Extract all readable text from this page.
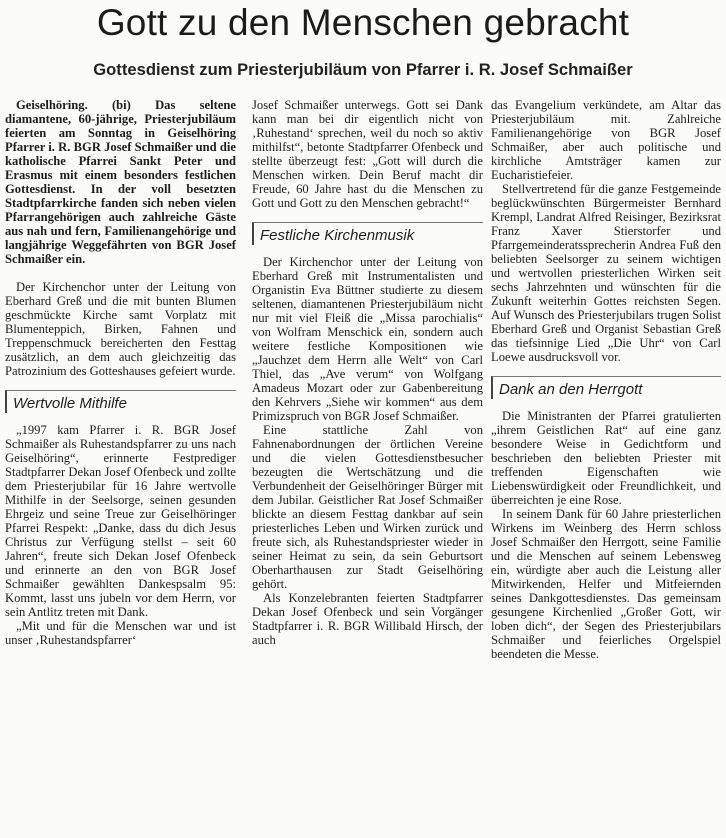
Gott zu den Menschen gebracht
Gottesdienst zum Priesterjubiläum von Pfarrer i. R. Josef Schmaißer

Geiselhöring. (bi) Das seltene diamantene, 60-jährige, Priesterjubiläum feierten am Sonntag in Geiselhöring Pfarrer i. R. BGR Josef Schmaißer und die katholische Pfarrei Sankt Peter und Erasmus mit einem besonders festlichen Gottesdienst. In der voll besetzten Stadtpfarrkirche fanden sich neben vielen Pfarrangehörigen auch zahlreiche Gäste aus nah und fern, Familienangehörige und langjährige Weggefährten von BGR Josef Schmaißer ein.

Der Kirchenchor unter der Leitung von Eberhard Greß und die mit bunten Blumen geschmückte Kirche samt Vorplatz mit Blumenteppich, Birken, Fahnen und Treppenschmuck bereicherten den Festtag zusätzlich, an dem auch gleichzeitig das Patrozinium des Gotteshauses gefeiert wurde.

Wertvolle Mithilfe

„1997 kam Pfarrer i. R. BGR Josef Schmaißer als Ruhestandspfarrer zu uns nach Geiselhöring“, erinnerte Festprediger Stadtpfarrer Dekan Josef Ofenbeck und zollte dem Priesterjubilar für 16 Jahre wertvolle Mithilfe in der Seelsorge, seinen gesunden Ehrgeiz und seine Treue zur Geiselhöringer Pfarrei Respekt: „Danke, dass du dich Jesus Christus zur Verfügung stellst – seit 60 Jahren“, freute sich Dekan Josef Ofenbeck und erinnerte an den von BGR Josef Schmaißer gewählten Dankespsalm 95: Kommt, lasst uns jubeln vor dem Herrn, vor sein Antlitz treten mit Dank.

„Mit und für die Menschen war und ist unser ‚Ruhestandspfarrer‘

Josef Schmaißer unterwegs. Gott sei Dank kann man bei dir eigentlich nicht von ‚Ruhestand‘ sprechen, weil du noch so aktiv mithilfst“, betonte Stadtpfarrer Ofenbeck und stellte überzeugt fest: „Gott will durch die Menschen wirken. Dein Beruf macht dir Freude, 60 Jahre hast du die Menschen zu Gott und Gott zu den Menschen gebracht!“

Festliche Kirchenmusik

Der Kirchenchor unter der Leitung von Eberhard Greß mit Instrumentalisten und Organistin Eva Büttner studierte zu diesem seltenen, diamantenen Priesterjubiläum nicht nur mit viel Fleiß die „Missa parochialis“ von Wolfram Menschick ein, sondern auch weitere festliche Kompositionen wie „Jauchzet dem Herrn alle Welt“ von Carl Thiel, das „Ave verum“ von Wolfgang Amadeus Mozart oder zur Gabenbereitung den Kehrvers „Siehe wir kommen“ aus dem Primizspruch von BGR Josef Schmaißer.

Eine stattliche Zahl von Fahnenabordnungen der örtlichen Vereine und die vielen Gottesdienstbesucher bezeugten die Wertschätzung und die Verbundenheit der Geiselhöringer Bürger mit dem Jubilar. Geistlicher Rat Josef Schmaißer blickte an diesem Festtag dankbar auf sein priesterliches Leben und Wirken zurück und freute sich, als Ruhestandspriester wieder in seiner Heimat zu sein, da sein Geburtsort Oberharthausen zur Stadt Geiselhöring gehört.

Als Konzelebranten feierten Stadtpfarrer Dekan Josef Ofenbeck und sein Vorgänger Stadtpfarrer i. R. BGR Willibald Hirsch, der auch

das Evangelium verkündete, am Altar das Priesterjubiläum mit. Zahlreiche Familienangehörige von BGR Josef Schmaißer, aber auch politische und kirchliche Amtsträger kamen zur Eucharistiefeier.

Stellvertretend für die ganze Festgemeinde beglückwünschten Bürgermeister Bernhard Krempl, Landrat Alfred Reisinger, Bezirksrat Franz Xaver Stierstorfer und Pfarrgemeinderatssprecherin Andrea Fuß den beliebten Seelsorger zu seinem wichtigen und wertvollen priesterlichen Wirken seit sechs Jahrzehnten und wünschten für die Zukunft weiterhin Gottes reichsten Segen. Auf Wunsch des Priesterjubilars trugen Solist Eberhard Greß und Organist Sebastian Greß das tiefsinnige Lied „Die Uhr“ von Carl Loewe ausdrucksvoll vor.

Dank an den Herrgott

Die Ministranten der Pfarrei gratulierten „ihrem Geistlichen Rat“ auf eine ganz besondere Weise in Gedichtform und beschrieben den beliebten Priester mit treffenden Eigenschaften wie Liebenswürdigkeit oder Freundlichkeit, und überreichten je eine Rose.

In seinem Dank für 60 Jahre priesterlichen Wirkens im Weinberg des Herrn schloss Josef Schmaißer den Herrgott, seine Familie und die Menschen auf seinem Lebensweg ein, würdigte aber auch die Leistung aller Mitwirkenden, Helfer und Mitfeiernden seines Dankgottesdienstes. Das gemeinsam gesungene Kirchenlied „Großer Gott, wir loben dich“, der Segen des Priesterjubilars Schmaißer und feierliches Orgelspiel beendeten die Messe.
